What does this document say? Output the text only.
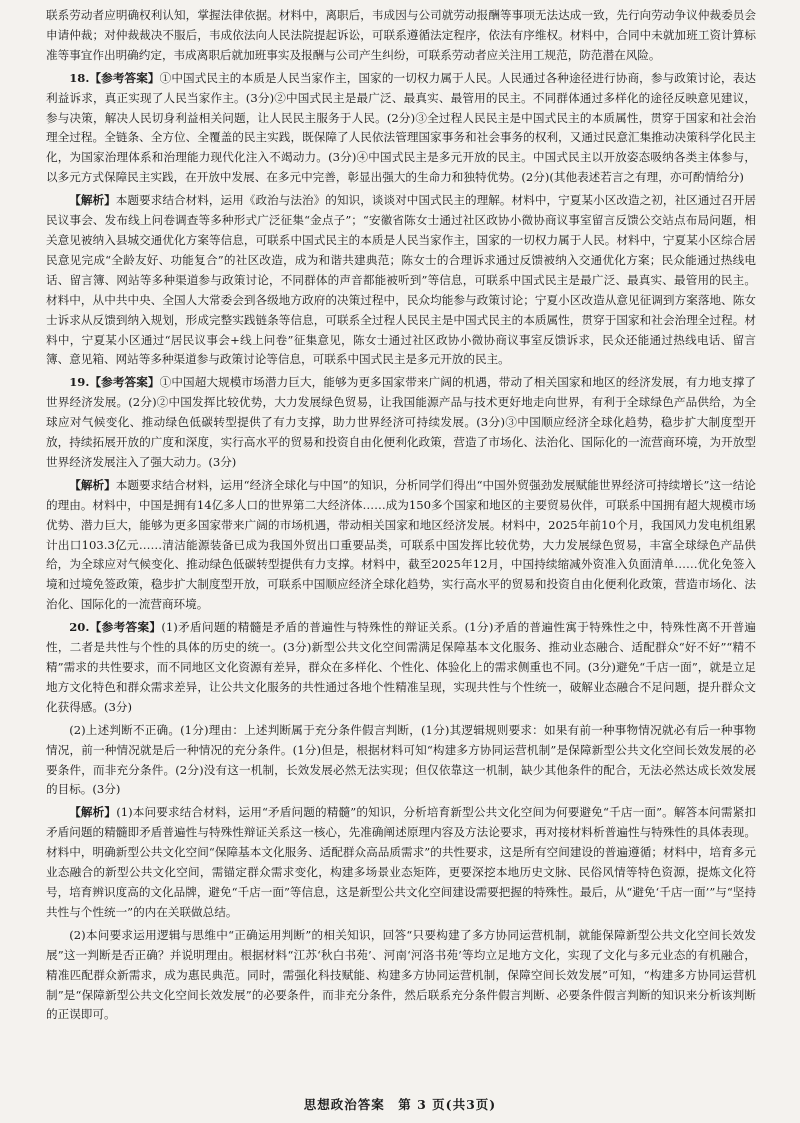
联系劳动者应明确权利认知，掌握法律依据。材料中，离职后，韦成因与公司就劳动报酬等事项无法达成一致，先行向劳动争议仲裁委员会申请仲裁；对仲裁裁决不服后，韦成依法向人民法院提起诉讼，可联系遵循法定程序，依法有序维权。材料中，合同中未就加班工资计算标准等事宜作出明确约定，韦成离职后就加班事实及报酬与公司产生纠纷，可联系劳动者应关注用工规范，防范潜在风险。

18.【参考答案】①中国式民主的本质是人民当家作主，国家的一切权力属于人民。人民通过各种途径进行协商，参与政策讨论，表达利益诉求，真正实现了人民当家作主。(3分)②中国式民主是最广泛、最真实、最管用的民主。不同群体通过多样化的途径反映意见建议，参与决策，解决人民切身利益相关问题，让人民民主服务于人民。(2分)③全过程人民民主是中国式民主的本质属性，贯穿于国家和社会治理全过程。全链条、全方位、全覆盖的民主实践，既保障了人民依法管理国家事务和社会事务的权利，又通过民意汇集推动决策科学化民主化，为国家治理体系和治理能力现代化注入不竭动力。(3分)④中国式民主是多元开放的民主。中国式民主以开放姿态吸纳各类主体参与，以多元方式保障民主实践，在开放中发展、在多元中完善，彰显出强大的生命力和独特优势。(2分)(其他表述若言之有理，亦可酌情给分)

【解析】本题要求结合材料，运用《政治与法治》的知识，谈谈对中国式民主的理解。材料中，宁夏某小区改造之初，社区通过召开居民议事会、发布线上问卷调查等多种形式广泛征集“金点子”；“安徽省陈女士通过社区政协小微协商议事室留言反馈公交站点布局问题，相关意见被纳入县城交通优化方案等信息，可联系中国式民主的本质是人民当家作主，国家的一切权力属于人民。材料中，宁夏某小区综合居民意见完成“全龄友好、功能复合”的社区改造，成为和谐共建典范；陈女士的合理诉求通过反馈被纳入交通优化方案；民众能通过热线电话、留言簿、网站等多种渠道参与政策讨论，不同群体的声音都能被听到”等信息，可联系中国式民主是最广泛、最真实、最管用的民主。材料中，从中共中央、全国人大常委会到各级地方政府的决策过程中，民众均能参与政策讨论；宁夏小区改造从意见征调到方案落地、陈女士诉求从反馈到纳入规划，形成完整实践链条等信息，可联系全过程人民民主是中国式民主的本质属性，贯穿于国家和社会治理全过程。材料中，宁夏某小区通过“居民议事会+线上问卷”征集意见，陈女士通过社区政协小微协商议事室反馈诉求，民众还能通过热线电话、留言簿、意见箱、网站等多种渠道参与政策讨论等信息，可联系中国式民主是多元开放的民主。

19.【参考答案】①中国超大规模市场潜力巨大，能够为更多国家带来广阔的机遇，带动了相关国家和地区的经济发展，有力地支撑了世界经济发展。(2分)②中国发挥比较优势，大力发展绿色贸易，让我国能源产品与技术更好地走向世界，有利于全球绿色产品供给，为全球应对气候变化、推动绿色低碳转型提供了有力支撑，助力世界经济可持续发展。(3分)③中国顺应经济全球化趋势，稳步扩大制度型开放，持续拓展开放的广度和深度，实行高水平的贸易和投资自由化便利化政策，营造了市场化、法治化、国际化的一流营商环境，为开放型世界经济发展注入了强大动力。(3分)

【解析】本题要求结合材料，运用“经济全球化与中国”的知识，分析同学们得出“中国外贸强劲发展赋能世界经济可持续增长”这一结论的理由。材料中，中国是拥有14亿多人口的世界第二大经济体……成为150多个国家和地区的主要贸易伙伴，可联系中国拥有超大规模市场优势、潜力巨大，能够为更多国家带来广阔的市场机遇，带动相关国家和地区经济发展。材料中，2025年前10个月，我国风力发电机组累计出口103.3亿元……清洁能源装备已成为我国外贸出口重要品类，可联系中国发挥比较优势，大力发展绿色贸易，丰富全球绿色产品供给，为全球应对气候变化、推动绿色低碳转型提供有力支撑。材料中，截至2025年12月，中国持续缩减外资准入负面清单……优化免签入境和过境免签政策，稳步扩大制度型开放，可联系中国顺应经济全球化趋势，实行高水平的贸易和投资自由化便利化政策，营造市场化、法治化、国际化的一流营商环境。

20.【参考答案】(1)矛盾问题的精髓是矛盾的普遍性与特殊性的辩证关系。(1分)矛盾的普遍性寓于特殊性之中，特殊性离不开普遍性，二者是共性与个性的具体的历史的统一。(3分)新型公共文化空间需满足保障基本文化服务、推动业态融合、适配群众“好不好”“精不精”需求的共性要求，而不同地区文化资源有差异，群众在多样化、个性化、体验化上的需求侧重也不同。(3分)避免“千店一面”，就是立足地方文化特色和群众需求差异，让公共文化服务的共性通过各地个性精准呈现，实现共性与个性统一，破解业态融合不足问题，提升群众文化获得感。(3分)

(2)上述判断不正确。(1分)理由：上述判断属于充分条件假言判断，(1分)其逻辑规则要求：如果有前一种事物情况就必有后一种事物情况，前一种情况就是后一种情况的充分条件。(1分)但是，根据材料可知“构建多方协同运营机制”是保障新型公共文化空间长效发展的必要条件，而非充分条件。(2分)没有这一机制，长效发展必然无法实现；但仅依靠这一机制，缺少其他条件的配合，无法必然达成长效发展的目标。(3分)

【解析】(1)本问要求结合材料，运用“矛盾问题的精髓”的知识，分析培育新型公共文化空间为何要避免“千店一面”。解答本问需紧扣矛盾问题的精髓即矛盾普遍性与特殊性辩证关系这一核心，先准确阐述原理内容及方法论要求，再对接材料析普遍性与特殊性的具体表现。材料中，明确新型公共文化空间“保障基本文化服务、适配群众高品质需求”的共性要求，这是所有空间建设的普遍遵循；材料中，培育多元业态融合的新型公共文化空间，需锚定群众需求变化，构建多场景业态矩阵，更要深挖本地历史文脉、民俗风情等特色资源，提炼文化符号，培育辨识度高的文化品牌，避免“千店一面”等信息，这是新型公共文化空间建设需要把握的特殊性。最后，从“避免‘千店一面’”与“坚持共性与个性统一”的内在关联做总结。

(2)本问要求运用逻辑与思维中“正确运用判断”的相关知识，回答“只要构建了多方协同运营机制，就能保障新型公共文化空间长效发展”这一判断是否正确？并说明理由。根据材料“江苏‘秋白书苑’、河南‘河洛书苑’等均立足地方文化，实现了文化与多元业态的有机融合，精准匹配群众新需求，成为惠民典范。同时，需强化科技赋能、构建多方协同运营机制，保障空间长效发展”可知，“构建多方协同运营机制”是“保障新型公共文化空间长效发展”的必要条件，而非充分条件，然后联系充分条件假言判断、必要条件假言判断的知识来分析该判断的正误即可。

思想政治答案　第 3 页(共3页)
